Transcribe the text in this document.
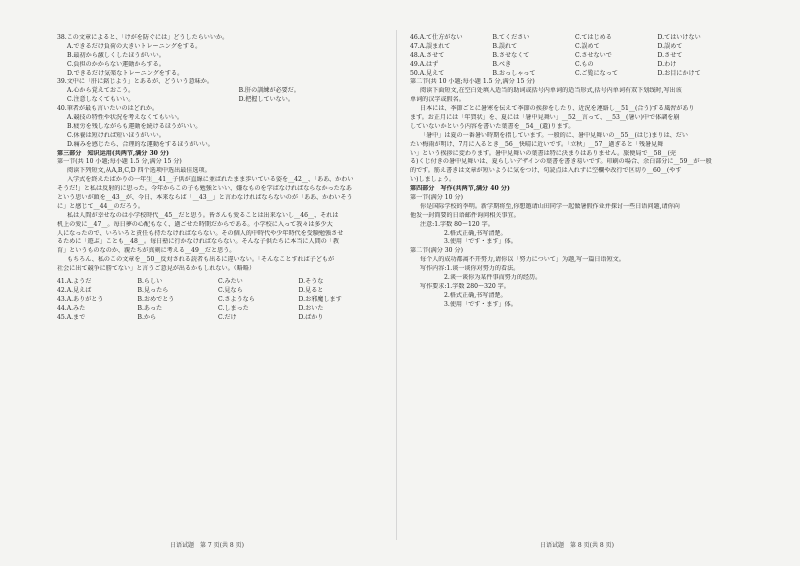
38.この文章によると、「けがを防ぐには」どうしたらいいか。
A.できるだけ負荷の大きいトレーニングをする。
B.最初から激しくしたほうがいい。
C.負担のかからない運動からする。
D.できるだけ気楽なトレーニングをする。
39.文中に「肝に銘じよう」とあるが、どういう意味か。
A.心から覚えておこう。	B.肝の訓練が必要だ。
C.注意しなくてもいい。	D.把握していない。
40.筆者が最も言いたいのはどれか。
A.競技の特性や状況を考えなくてもいい。
B.疲労を残しながらも運動を続けるほうがいい。
C.休養は短ければ短いほうがいい。
D.痛みを感じたら、合理的な運動をするほうがいい。
第三部分　知识运用(共两节,满分 30 分)
第一节(共 10 小题;每小题 1.5 分,满分 15 分)
阅读下列短文,从A,B,C,D 四个选项中选出最佳选项。
入学式を終えたばかりの一年生__41__子供が直線に並ばれたまま歩いている姿を__42__、「ああ、かわい
そうだ!」と私は反射的に思った。今年からこの子も勉強といい、嫌なものを学ばなければならなかったなあ
という思いが頭を__43__が、今日、本来ならば「__43__」と言わなければならないのが「ああ、かわいそう
に」と感じて__44__のだろう。
私は人間が幸せなのは小学校時代__45__だと思う。皆さんも愛ることは出来ないし__46__、それは
机上の愛に__47__。毎日夢の心配もなく、過ごせた時期だからである。小学校に入って我々は多少大
人になったので、いろいろと責任も持たなければならない。その個人的中時代や少年時代を受験勉強させ
るために「遊ぶ」ことも__48__。毎日塾に行かなければならない。そんな子供たちに本当に人間の「教
育」というものなのか、親たちが真剣に考える__49__だと思う。
もちろん、私のこの文章を__50__反対される読者も出るに違いない。「そんなことすれば子どもが
社会に出て競争に勝てない」と言うご意見が出るかもしれない。（略略）
41.A.ようだ	B.らしい	C.みたい	D.そうな
42.A.見えば	B.見ったら	C.見なら	D.見ると
43.A.ありがとう	B.おめでとう	C.さようなら	D.お邪魔します
44.A.みた	B.あった	C.しまった	D.おいた
45.A.まで	B.から	C.だけ	D.ばかり
46.A.て仕方がない	B.てください	C.てはじめる	D.てはいけない
47.A.誤まれて	B.誤れて	C.誤めて	D.誤めて
48.A.させて	B.させなくて	C.させないで	D.させて
49.A.はず	B.べき	C.もの	D.わけ
50.A.見えて	B.おっしゃって	C.ご覧になって	D.お目にかけて
第二节(共 10 小题;每小题 1.5 分,满分 15 分)
阅读下面短文,在空白处填入适当的助词或括号内单词的适当形式,括号内单词有双下划线时,写出该
单词的汉字或假名。
日本には、季節ごとに暑寒を伝えて季節の挨拶をしたり、近況を連絡し__51__(合う)する風習があり
ます。お正月には「年賀状」を、夏には「暑中見舞い」__52__言って、__53__(暑い)中で体調を崩
していないかという内容を書いた葉書を__54__(遺)ります。
「暑中」は夏の一番暑い時期を指しています。一般的に、暑中見舞いの__55__(はじ)まりは、だい
たい梅雨が明け、7月に入るとき__56__快晴に近いです。「立秋」__57__過ぎると「残暑見舞
い」という挨拶に変わります。暑中見舞いの葉書は特に決まりはありません。旅便局で__58__(売
る)くじ付きの暑中見舞いは、夏らしいデザインの葉書を書き易いです。印刷の場合、余白部分に__59__が一般
的です。筋え書きは文章が短いように気をつけ、句読点は入れずに空欄や改行で区切り__60__(やす
い)しましょう。
第四部分　写作(共两节,满分 40 分)
第一节(满分 10 分)
你是国际学校的李明。新学期将至,你想邀请山田同学一起做暑假作业并探讨一些日语问题,请你向
他发一封简要的日语邮件询问相关事宜。
注意:1.字数 80～120 字。
2.格式正确,书写清楚。
3.使用「です・ます」体。
第二节(满分 30 分)
每个人的成功都离不开努力,请你以「努力について」为题,写一篇日语短文。
写作内容:1.谈一谈你对努力的看法。
2.谈一谈你为某件事而努力的经历。
写作要求:1.字数 280～320 字。
2.格式正确,书写清楚。
3.使用「です・ます」体。
日语试题　第 7 页(共 8 页)	日语试题　第 8 页(共 8 页)
